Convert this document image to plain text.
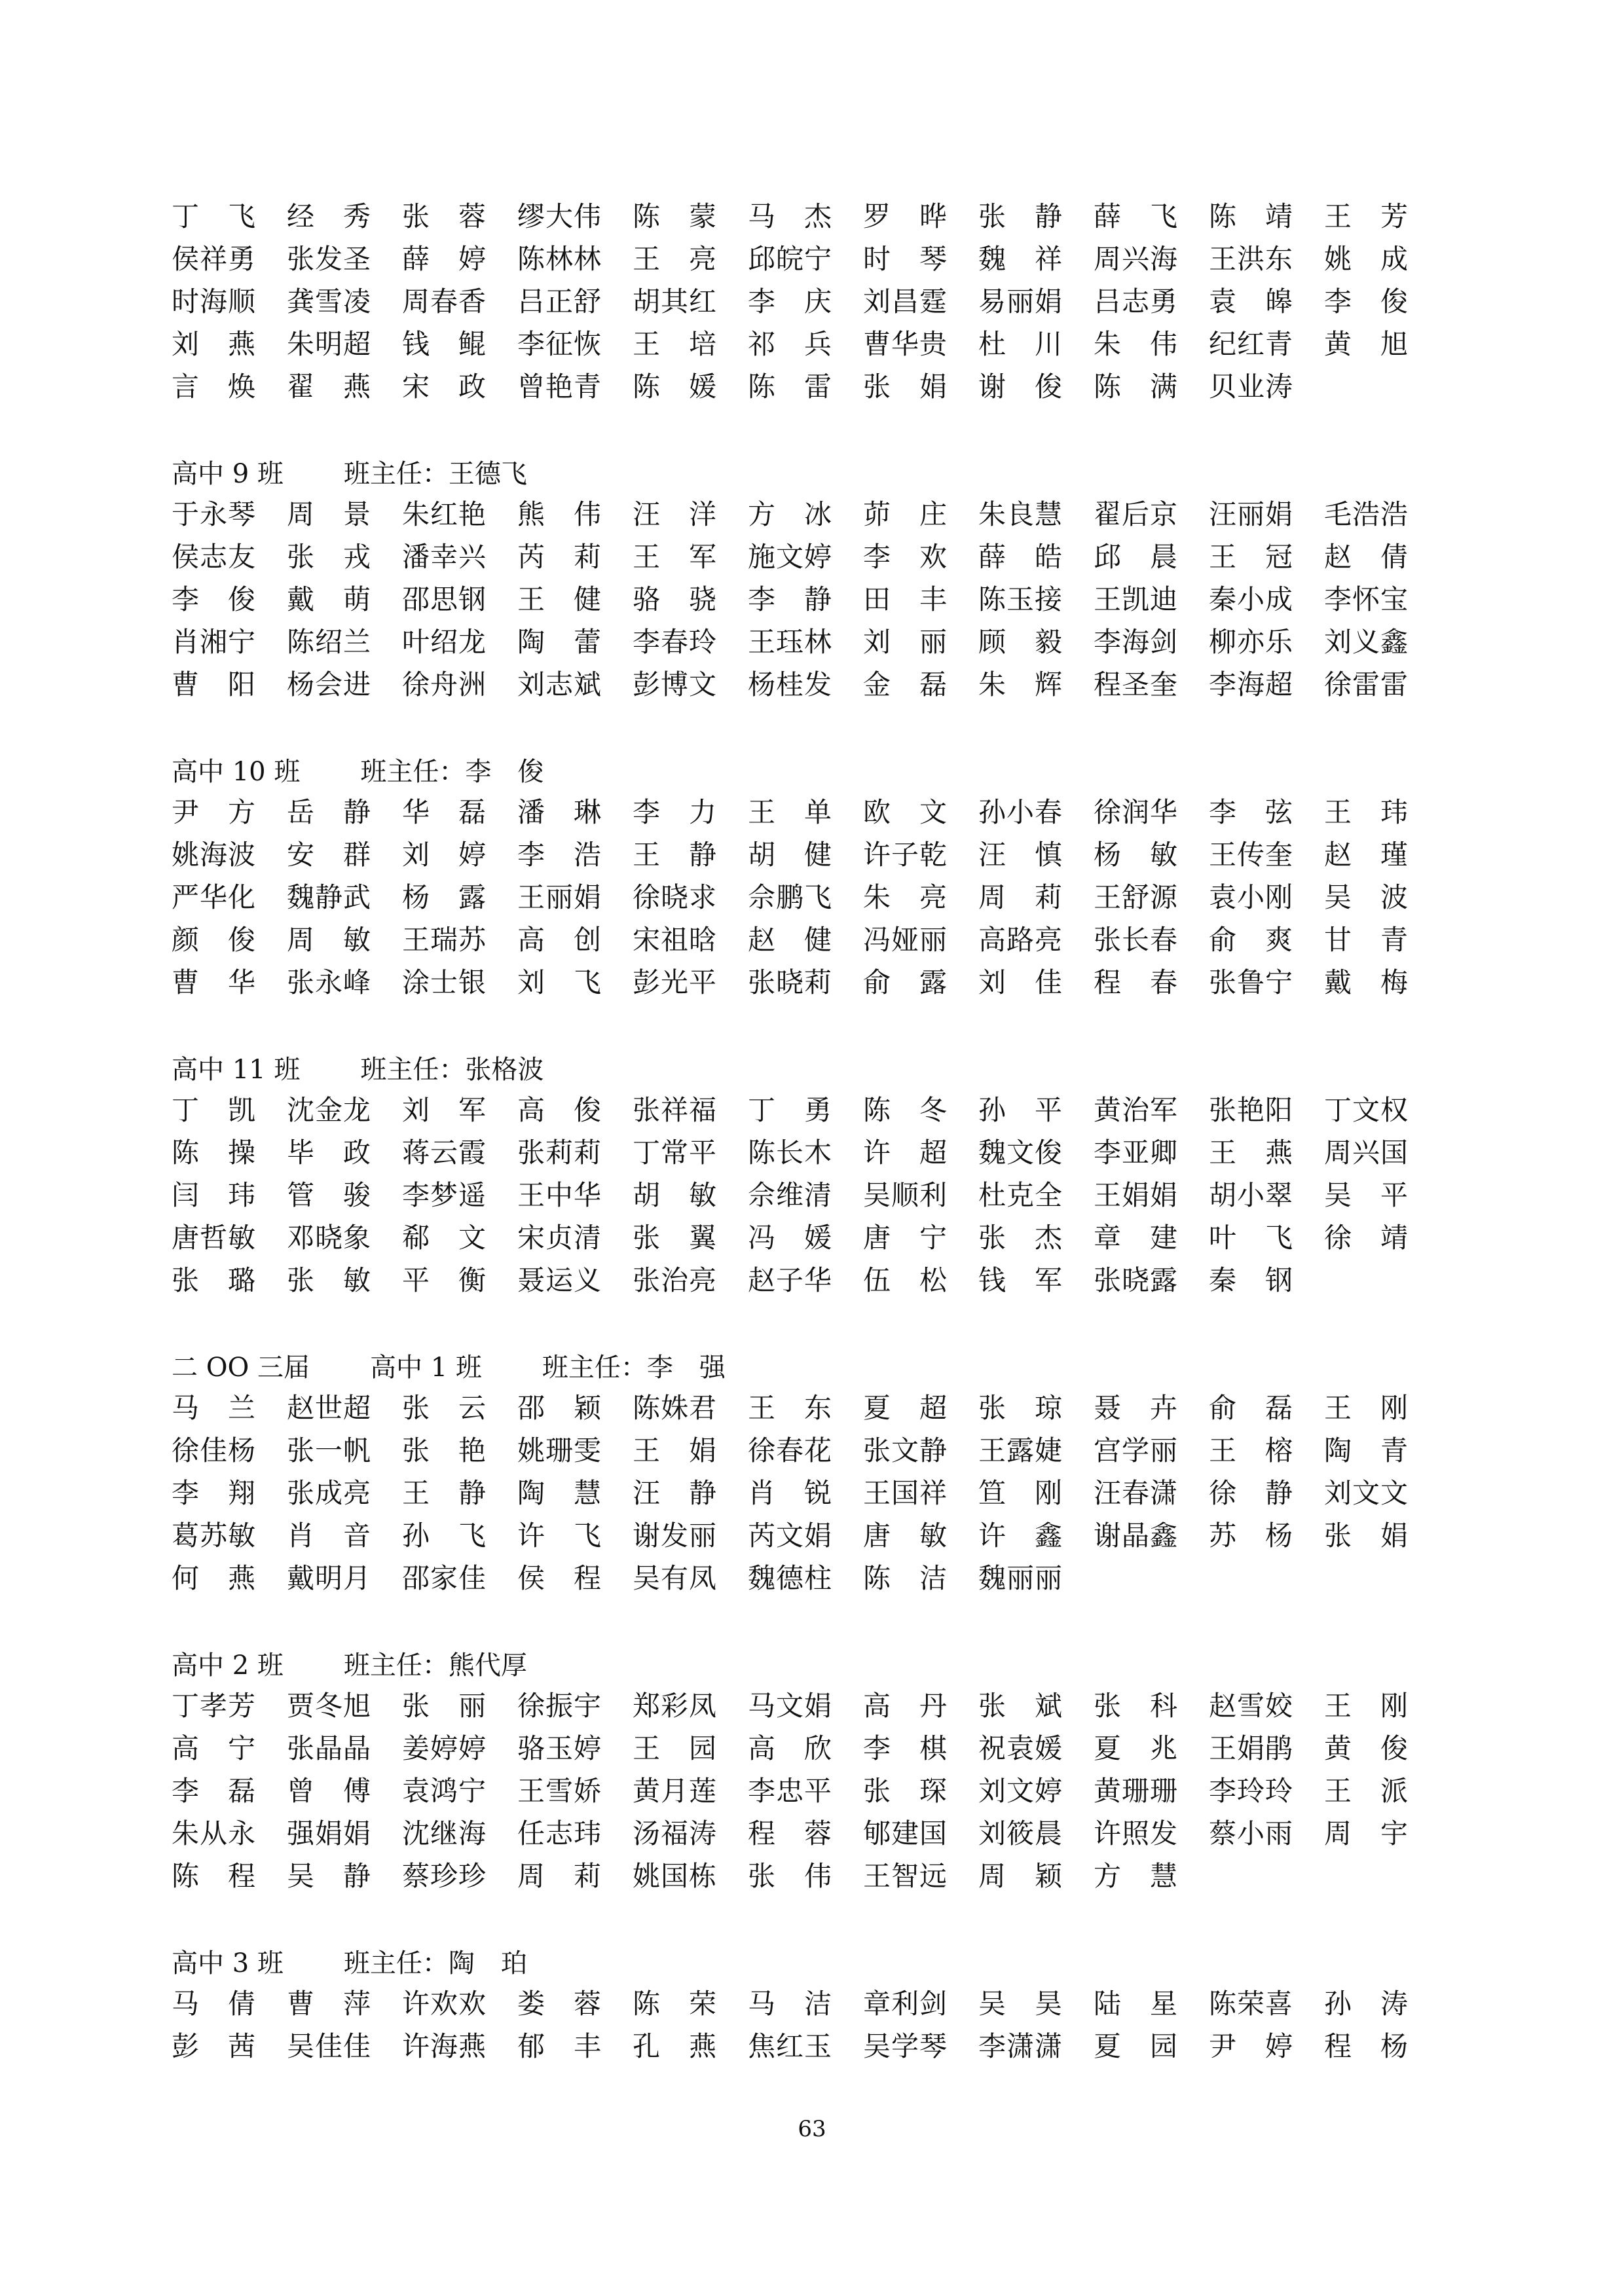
丁　飞	经　秀	张　蓉	缪大伟	陈　蒙	马　杰	罗　晔	张　静	薛　飞	陈　靖	王　芳
侯祥勇	张发圣	薛　婷	陈林林	王　亮	邱皖宁	时　琴	魏　祥	周兴海	王洪东	姚　成
时海顺	龚雪凌	周春香	吕正舒	胡其红	李　庆	刘昌霆	易丽娟	吕志勇	袁　皞	李　俊
刘　燕	朱明超	钱　鲲	李征恢	王　培	祁　兵	曹华贵	杜　川	朱　伟	纪红青	黄　旭
言　焕	翟　燕	宋　政	曾艳青	陈　媛	陈　雷	张　娟	谢　俊	陈　满	贝业涛
高中 9 班 班主任：王德飞
于永琴	周　景	朱红艳	熊　伟	汪　洋	方　冰	茆　庄	朱良慧	翟后京	汪丽娟	毛浩浩
侯志友	张　戎	潘幸兴	芮　莉	王　军	施文婷	李　欢	薛　皓	邱　晨	王　冠	赵　倩
李　俊	戴　萌	邵思钢	王　健	骆　骁	李　静	田　丰	陈玉接	王凯迪	秦小成	李怀宝
肖湘宁	陈绍兰	叶绍龙	陶　蕾	李春玲	王珏林	刘　丽	顾　毅	李海剑	柳亦乐	刘义鑫
曹　阳	杨会进	徐舟洲	刘志斌	彭博文	杨桂发	金　磊	朱　辉	程圣奎	李海超	徐雷雷
高中 10 班 班主任：李　俊
尹　方	岳　静	华　磊	潘　琳	李　力	王　单	欧　文	孙小春	徐润华	李　弦	王　玮
姚海波	安　群	刘　婷	李　浩	王　静	胡　健	许子乾	汪　慎	杨　敏	王传奎	赵　瑾
严华化	魏静武	杨　露	王丽娟	徐晓求	佘鹏飞	朱　亮	周　莉	王舒源	袁小刚	吴　波
颜　俊	周　敏	王瑞苏	高　创	宋祖晗	赵　健	冯娅丽	高路亮	张长春	俞　爽	甘　青
曹　华	张永峰	涂士银	刘　飞	彭光平	张晓莉	俞　露	刘　佳	程　春	张鲁宁	戴　梅
高中 11 班 班主任：张格波
丁　凯	沈金龙	刘　军	高　俊	张祥福	丁　勇	陈　冬	孙　平	黄治军	张艳阳	丁文权
陈　操	毕　政	蒋云霞	张莉莉	丁常平	陈长木	许　超	魏文俊	李亚卿	王　燕	周兴国
闫　玮	管　骏	李梦遥	王中华	胡　敏	佘维清	吴顺利	杜克全	王娟娟	胡小翠	吴　平
唐哲敏	邓晓象	郗　文	宋贞清	张　翼	冯　媛	唐　宁	张　杰	章　建	叶　飞	徐　靖
张　璐	张　敏	平　衡	聂运义	张治亮	赵子华	伍　松	钱　军	张晓露	秦　钢
二 OO 三届 高中 1 班 班主任：李　强
马　兰	赵世超	张　云	邵　颖	陈姝君	王　东	夏　超	张　琼	聂　卉	俞　磊	王　刚
徐佳杨	张一帆	张　艳	姚珊雯	王　娟	徐春花	张文静	王露婕	宫学丽	王　榕	陶　青
李　翔	张成亮	王　静	陶　慧	汪　静	肖　锐	王国祥	笪　刚	汪春潇	徐　静	刘文文
葛苏敏	肖　音	孙　飞	许　飞	谢发丽	芮文娟	唐　敏	许　鑫	谢晶鑫	苏　杨	张　娟
何　燕	戴明月	邵家佳	侯　程	吴有凤	魏德柱	陈　洁	魏丽丽
高中 2 班 班主任：熊代厚
丁孝芳	贾冬旭	张　丽	徐振宇	郑彩凤	马文娟	高　丹	张　斌	张　科	赵雪姣	王　刚
高　宁	张晶晶	姜婷婷	骆玉婷	王　园	高　欣	李　棋	祝袁媛	夏　兆	王娟鹃	黄　俊
李　磊	曾　傅	袁鸿宁	王雪娇	黄月莲	李忠平	张　琛	刘文婷	黄珊珊	李玲玲	王　派
朱从永	强娟娟	沈继海	任志玮	汤福涛	程　蓉	郇建国	刘筱晨	许照发	蔡小雨	周　宇
陈　程	吴　静	蔡珍珍	周　莉	姚国栋	张　伟	王智远	周　颖	方　慧
高中 3 班 班主任：陶　珀
马　倩	曹　萍	许欢欢	娄　蓉	陈　荣	马　洁	章利剑	吴　昊	陆　星	陈荣喜	孙　涛
彭　茜	吴佳佳	许海燕	郁　丰	孔　燕	焦红玉	吴学琴	李潇潇	夏　园	尹　婷	程　杨
63
